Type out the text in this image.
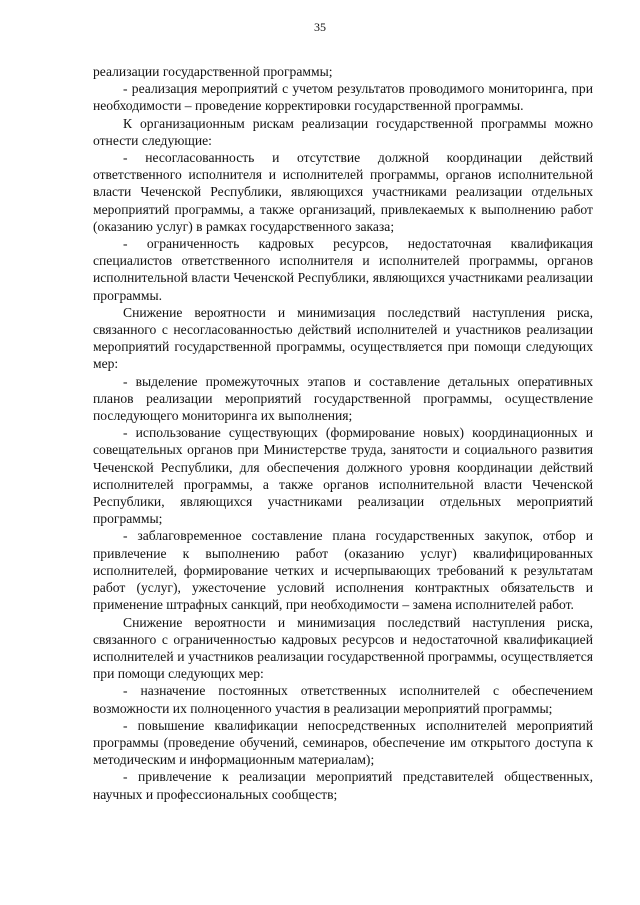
35

реализации государственной программы;

- реализация мероприятий с учетом результатов проводимого мониторинга, при необходимости – проведение корректировки государственной программы.

К организационным рискам реализации государственной программы можно отнести следующие:

- несогласованность и отсутствие должной координации действий ответственного исполнителя и исполнителей программы, органов исполнительной власти Чеченской Республики, являющихся участниками реализации отдельных мероприятий программы, а также организаций, привлекаемых к выполнению работ (оказанию услуг) в рамках государственного заказа;

- ограниченность кадровых ресурсов, недостаточная квалификация специалистов ответственного исполнителя и исполнителей программы, органов исполнительной власти Чеченской Республики, являющихся участниками реализации программы.

Снижение вероятности и минимизация последствий наступления риска, связанного с несогласованностью действий исполнителей и участников реализации мероприятий государственной программы, осуществляется при помощи следующих мер:

- выделение промежуточных этапов и составление детальных оперативных планов реализации мероприятий государственной программы, осуществление последующего мониторинга их выполнения;

- использование существующих (формирование новых) координационных и совещательных органов при Министерстве труда, занятости и социального развития Чеченской Республики, для обеспечения должного уровня координации действий исполнителей программы, а также органов исполнительной власти Чеченской Республики, являющихся участниками реализации отдельных мероприятий программы;

- заблаговременное составление плана государственных закупок, отбор и привлечение к выполнению работ (оказанию услуг) квалифицированных исполнителей, формирование четких и исчерпывающих требований к результатам работ (услуг), ужесточение условий исполнения контрактных обязательств и применение штрафных санкций, при необходимости – замена исполнителей работ.

Снижение вероятности и минимизация последствий наступления риска, связанного с ограниченностью кадровых ресурсов и недостаточной квалификацией исполнителей и участников реализации государственной программы, осуществляется при помощи следующих мер:

- назначение постоянных ответственных исполнителей с обеспечением возможности их полноценного участия в реализации мероприятий программы;

- повышение квалификации непосредственных исполнителей мероприятий программы (проведение обучений, семинаров, обеспечение им открытого доступа к методическим и информационным материалам);

- привлечение к реализации мероприятий представителей общественных, научных и профессиональных сообществ;
